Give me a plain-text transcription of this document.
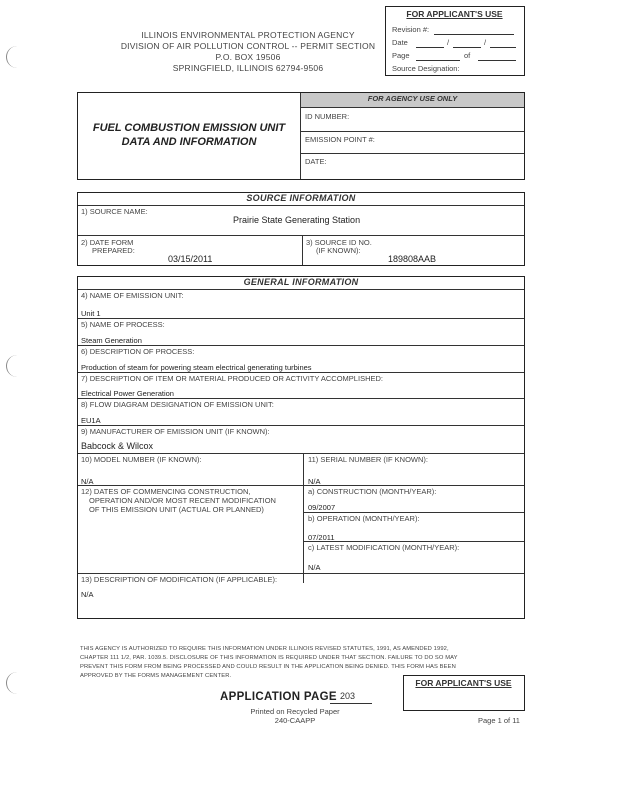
ILLINOIS ENVIRONMENTAL PROTECTION AGENCY
DIVISION OF AIR POLLUTION CONTROL -- PERMIT SECTION
P.O. BOX 19506
SPRINGFIELD, ILLINOIS 62794-9506
FOR APPLICANT'S USE
Revision #:
Date	/	/
Page	of
Source Designation:
FUEL COMBUSTION EMISSION UNIT
DATA AND INFORMATION
FOR AGENCY USE ONLY
ID NUMBER:
EMISSION POINT #:
DATE:
SOURCE INFORMATION
1) SOURCE NAME:
Prairie State Generating Station
2) DATE FORM
PREPARED:
03/15/2011
3) SOURCE ID NO.
(IF KNOWN):
189808AAB
GENERAL INFORMATION
4) NAME OF EMISSION UNIT:
Unit 1
5) NAME OF PROCESS:
Steam Generation
6) DESCRIPTION OF PROCESS:
Production of steam for powering steam electrical generating turbines
7) DESCRIPTION OF ITEM OR MATERIAL PRODUCED OR ACTIVITY ACCOMPLISHED:
Electrical Power Generation
8) FLOW DIAGRAM DESIGNATION OF EMISSION UNIT:
EU1A
9) MANUFACTURER OF EMISSION UNIT (IF KNOWN):
Babcock & Wilcox
10) MODEL NUMBER (IF KNOWN):
N/A
11) SERIAL NUMBER (IF KNOWN):
N/A
12) DATES OF COMMENCING CONSTRUCTION,
OPERATION AND/OR MOST RECENT MODIFICATION
OF THIS EMISSION UNIT (ACTUAL OR PLANNED)
a) CONSTRUCTION (MONTH/YEAR):
09/2007
b) OPERATION (MONTH/YEAR):
07/2011
c) LATEST MODIFICATION (MONTH/YEAR):
N/A
13) DESCRIPTION OF MODIFICATION (IF APPLICABLE):
N/A
THIS AGENCY IS AUTHORIZED TO REQUIRE THIS INFORMATION UNDER ILLINOIS REVISED STATUTES, 1991, AS AMENDED 1992,
CHAPTER 111 1/2, PAR. 1039.5. DISCLOSURE OF THIS INFORMATION IS REQUIRED UNDER THAT SECTION. FAILURE TO DO SO MAY
PREVENT THIS FORM FROM BEING PROCESSED AND COULD RESULT IN THE APPLICATION BEING DENIED. THIS FORM HAS BEEN
APPROVED BY THE FORMS MANAGEMENT CENTER.
FOR APPLICANT'S USE
APPLICATION PAGE 203
Printed on Recycled Paper
240-CAAPP	Page 1 of 11
